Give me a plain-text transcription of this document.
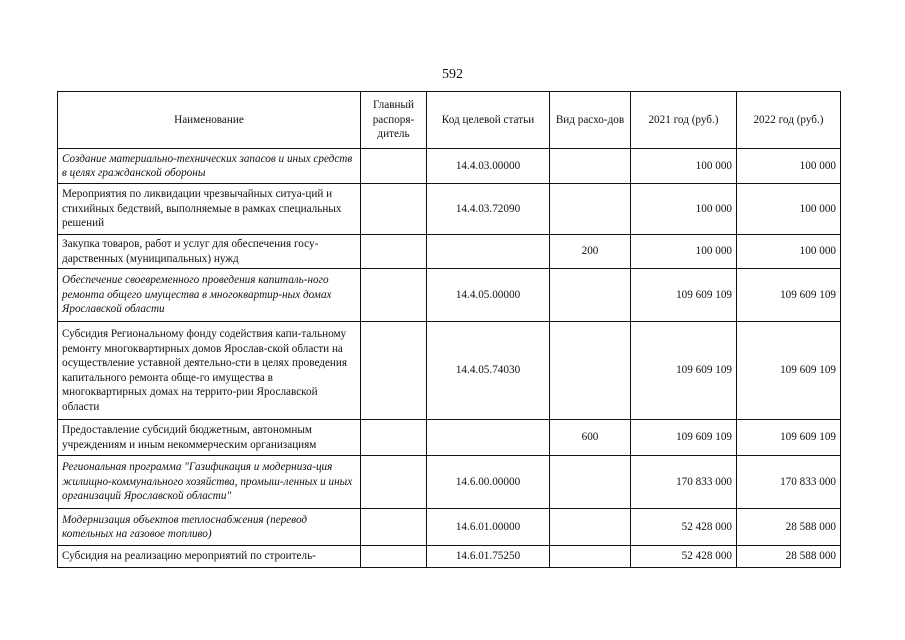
592
Наименование	Главный распоря-дитель	Код целевой статьи	Вид расхо-дов	2021 год (руб.)	2022 год (руб.)
Создание материально-технических запасов и иных средств в целях гражданской обороны		14.4.03.00000		100 000	100 000
Мероприятия по ликвидации чрезвычайных ситуа-ций и стихийных бедствий, выполняемые в рамках специальных решений		14.4.03.72090		100 000	100 000
Закупка товаров, работ и услуг для обеспечения госу-дарственных (муниципальных) нужд			200	100 000	100 000
Обеспечение своевременного проведения капиталь-ного ремонта общего имущества в многоквартир-ных домах Ярославской области		14.4.05.00000		109 609 109	109 609 109
Субсидия Региональному фонду содействия капи-тальному ремонту многоквартирных домов Ярослав-ской области на осуществление уставной деятельно-сти в целях проведения капитального ремонта обще-го имущества в многоквартирных домах на террито-рии Ярославской области		14.4.05.74030		109 609 109	109 609 109
Предоставление субсидий бюджетным, автономным учреждениям и иным некоммерческим организациям			600	109 609 109	109 609 109
Региональная программа "Газификация и модерниза-ция жилищно-коммунального хозяйства, промыш-ленных и иных организаций Ярославской области"		14.6.00.00000		170 833 000	170 833 000
Модернизация объектов теплоснабжения (перевод котельных на газовое топливо)		14.6.01.00000		52 428 000	28 588 000
Субсидия на реализацию мероприятий по строитель-		14.6.01.75250		52 428 000	28 588 000
